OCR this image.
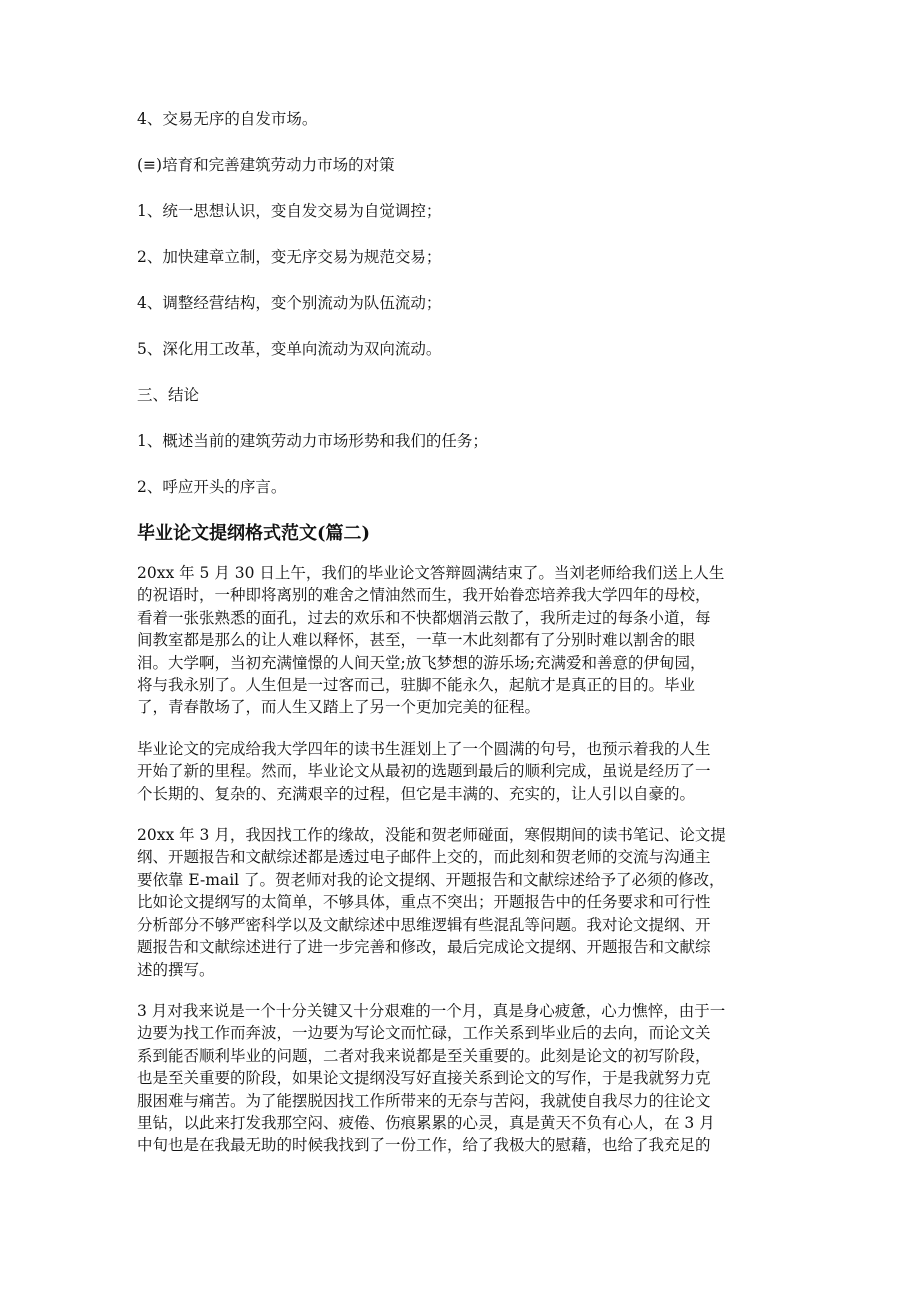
4、交易无序的自发市场。

(≡)培育和完善建筑劳动力市场的对策

1、统一思想认识，变自发交易为自觉调控；

2、加快建章立制，变无序交易为规范交易；

4、调整经营结构，变个别流动为队伍流动；

5、深化用工改革，变单向流动为双向流动。

三、结论

1、概述当前的建筑劳动力市场形势和我们的任务；

2、呼应开头的序言。

毕业论文提纲格式范文(篇二)
20xx 年 5 月 30 日上午，我们的毕业论文答辩圆满结束了。当刘老师给我们送上人生
的祝语时，一种即将离别的难舍之情油然而生，我开始眷恋培养我大学四年的母校，
看着一张张熟悉的面孔，过去的欢乐和不快都烟消云散了，我所走过的每条小道，每
间教室都是那么的让人难以释怀，甚至，一草一木此刻都有了分别时难以割舍的眼
泪。大学啊，当初充满憧憬的人间天堂;放飞梦想的游乐场;充满爱和善意的伊甸园，
将与我永别了。人生但是一过客而己，驻脚不能永久，起航才是真正的目的。毕业
了，青春散场了，而人生又踏上了另一个更加完美的征程。
毕业论文的完成给我大学四年的读书生涯划上了一个圆满的句号，也预示着我的人生
开始了新的里程。然而，毕业论文从最初的选题到最后的顺利完成，虽说是经历了一
个长期的、复杂的、充满艰辛的过程，但它是丰满的、充实的，让人引以自豪的。
20xx 年 3 月，我因找工作的缘故，没能和贺老师碰面，寒假期间的读书笔记、论文提
纲、开题报告和文献综述都是透过电子邮件上交的，而此刻和贺老师的交流与沟通主
要依靠 E-mail 了。贺老师对我的论文提纲、开题报告和文献综述给予了必须的修改，
比如论文提纲写的太简单，不够具体，重点不突出；开题报告中的任务要求和可行性
分析部分不够严密科学以及文献综述中思维逻辑有些混乱等问题。我对论文提纲、开
题报告和文献综述进行了进一步完善和修改，最后完成论文提纲、开题报告和文献综
述的撰写。
3 月对我来说是一个十分关键又十分艰难的一个月，真是身心疲惫，心力憔悴，由于一
边要为找工作而奔波，一边要为写论文而忙碌，工作关系到毕业后的去向，而论文关
系到能否顺利毕业的问题，二者对我来说都是至关重要的。此刻是论文的初写阶段，
也是至关重要的阶段，如果论文提纲没写好直接关系到论文的写作，于是我就努力克
服困难与痛苦。为了能摆脱因找工作所带来的无奈与苦闷，我就使自我尽力的往论文
里钻，以此来打发我那空闷、疲倦、伤痕累累的心灵，真是黄天不负有心人，在 3 月
中旬也是在我最无助的时候我找到了一份工作，给了我极大的慰藉，也给了我充足的
